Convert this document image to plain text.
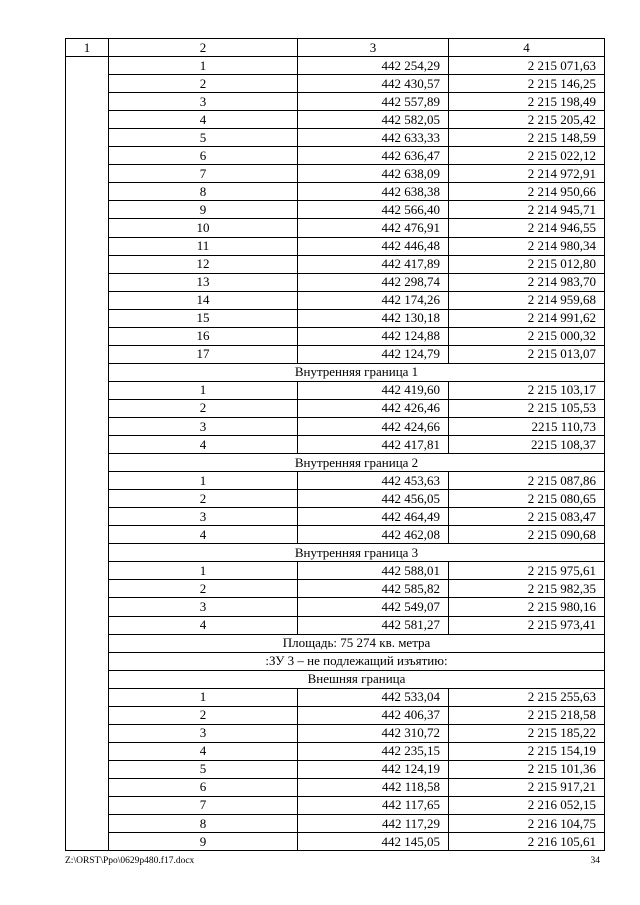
1	2	3	4
	1	442 254,29	2 215 071,63
	2	442 430,57	2 215 146,25
	3	442 557,89	2 215 198,49
	4	442 582,05	2 215 205,42
	5	442 633,33	2 215 148,59
	6	442 636,47	2 215 022,12
	7	442 638,09	2 214 972,91
	8	442 638,38	2 214 950,66
	9	442 566,40	2 214 945,71
	10	442 476,91	2 214 946,55
	11	442 446,48	2 214 980,34
	12	442 417,89	2 215 012,80
	13	442 298,74	2 214 983,70
	14	442 174,26	2 214 959,68
	15	442 130,18	2 214 991,62
	16	442 124,88	2 215 000,32
	17	442 124,79	2 215 013,07
	Внутренняя граница 1		
	1	442 419,60	2 215 103,17
	2	442 426,46	2 215 105,53
	3	442 424,66	2215 110,73
	4	442 417,81	2215 108,37
	Внутренняя граница 2		
	1	442 453,63	2 215 087,86
	2	442 456,05	2 215 080,65
	3	442 464,49	2 215 083,47
	4	442 462,08	2 215 090,68
	Внутренняя граница 3		
	1	442 588,01	2 215 975,61
	2	442 585,82	2 215 982,35
	3	442 549,07	2 215 980,16
	4	442 581,27	2 215 973,41
	Площадь: 75 274 кв. метра		
	:ЗУ 3 – не подлежащий изъятию:		
	Внешняя граница		
	1	442 533,04	2 215 255,63
	2	442 406,37	2 215 218,58
	3	442 310,72	2 215 185,22
	4	442 235,15	2 215 154,19
	5	442 124,19	2 215 101,36
	6	442 118,58	2 215 917,21
	7	442 117,65	2 216 052,15
	8	442 117,29	2 216 104,75
	9	442 145,05	2 216 105,61
Z:\ORST\Ppo\0629p480.f17.docx	34
